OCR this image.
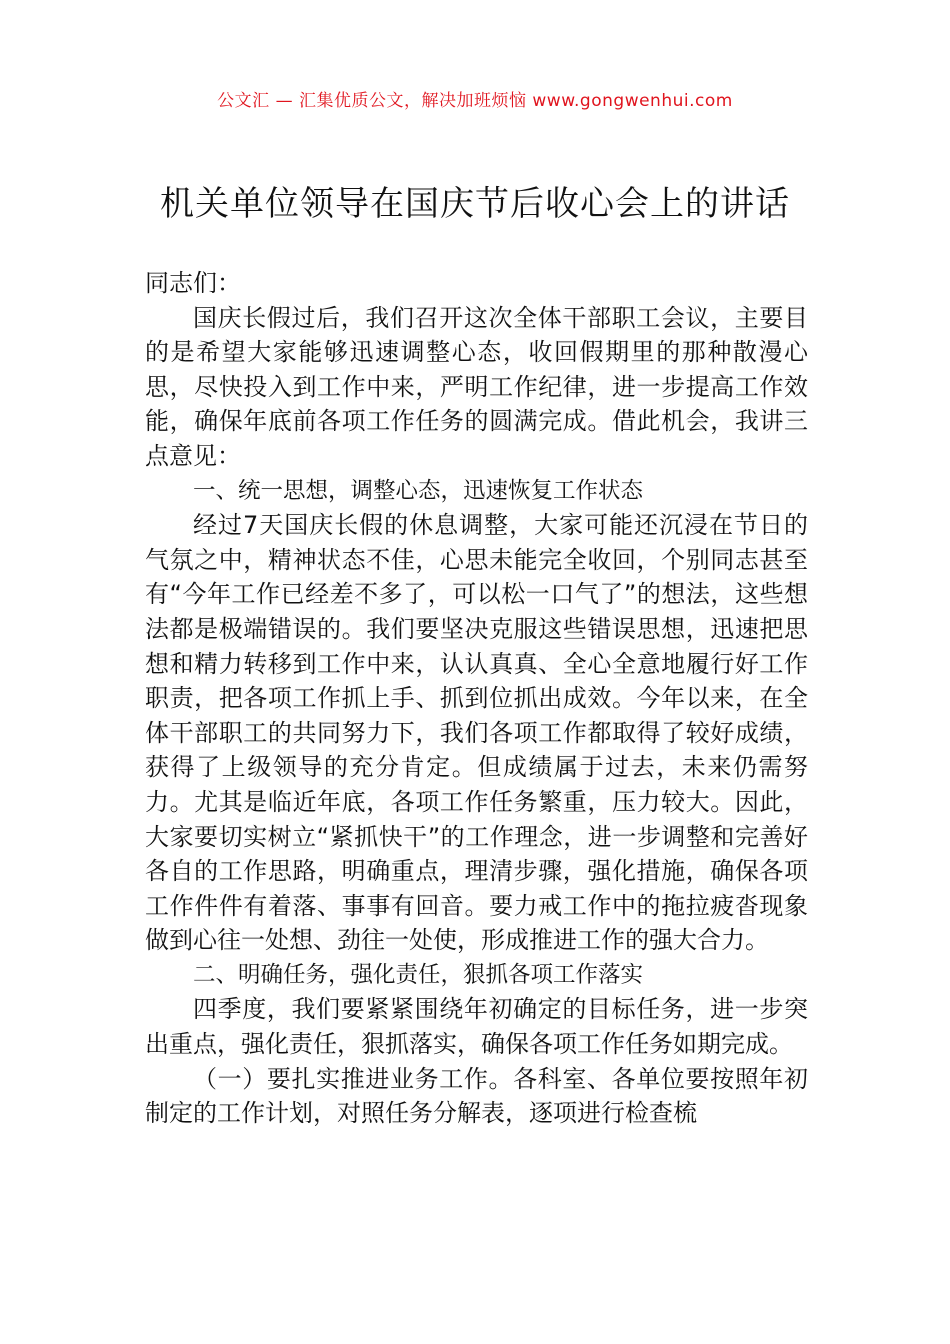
公文汇 — 汇集优质公文，解决加班烦恼 www.gongwenhui.com
机关单位领导在国庆节后收心会上的讲话

同志们：

国庆长假过后，我们召开这次全体干部职工会议，主要目的是希望大家能够迅速调整心态，收回假期里的那种散漫心思，尽快投入到工作中来，严明工作纪律，进一步提高工作效能，确保年底前各项工作任务的圆满完成。借此机会，我讲三点意见：

一、统一思想，调整心态，迅速恢复工作状态

经过7天国庆长假的休息调整，大家可能还沉浸在节日的气氛之中，精神状态不佳，心思未能完全收回，个别同志甚至有“今年工作已经差不多了，可以松一口气了”的想法，这些想法都是极端错误的。我们要坚决克服这些错误思想，迅速把思想和精力转移到工作中来，认认真真、全心全意地履行好工作职责，把各项工作抓上手、抓到位抓出成效。今年以来，在全体干部职工的共同努力下，我们各项工作都取得了较好成绩，获得了上级领导的充分肯定。但成绩属于过去，未来仍需努力。尤其是临近年底，各项工作任务繁重，压力较大。因此，大家要切实树立“紧抓快干”的工作理念，进一步调整和完善好各自的工作思路，明确重点，理清步骤，强化措施，确保各项工作件件有着落、事事有回音。要力戒工作中的拖拉疲沓现象做到心往一处想、劲往一处使，形成推进工作的强大合力。

二、明确任务，强化责任，狠抓各项工作落实

四季度，我们要紧紧围绕年初确定的目标任务，进一步突出重点，强化责任，狠抓落实，确保各项工作任务如期完成。

（一）要扎实推进业务工作。各科室、各单位要按照年初制定的工作计划，对照任务分解表，逐项进行检查梳
